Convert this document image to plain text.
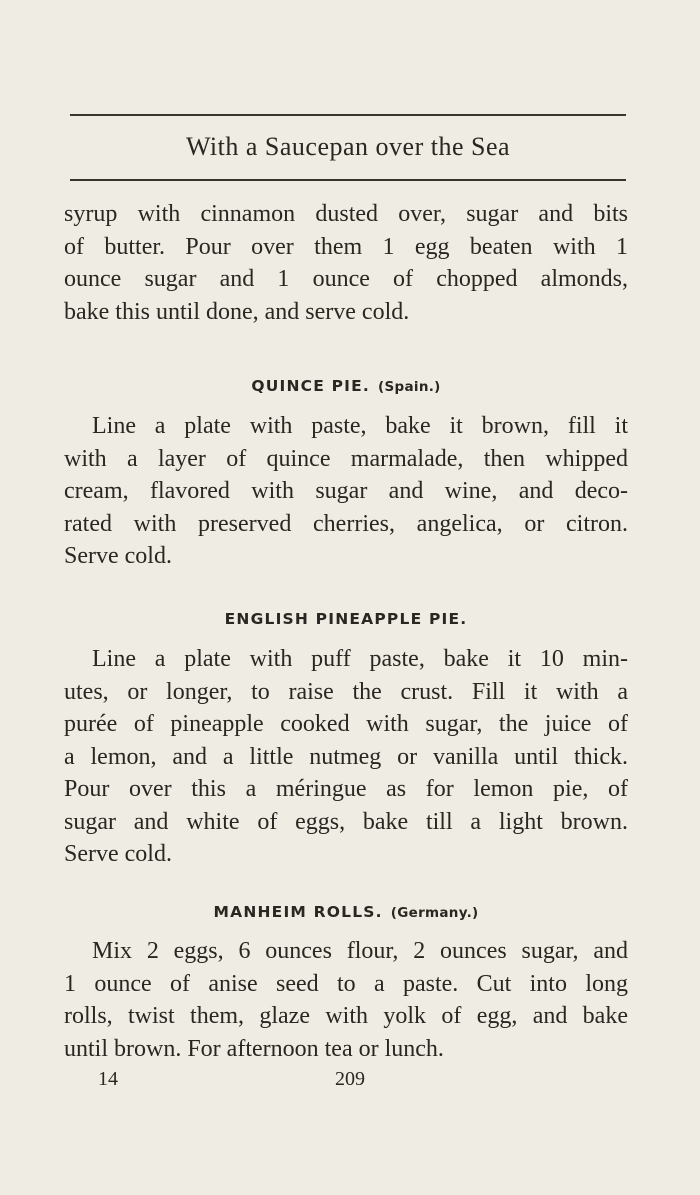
With a Saucepan over the Sea
syrup with cinnamon dusted over, sugar and bits
of butter. Pour over them 1 egg beaten with 1
ounce sugar and 1 ounce of chopped almonds,
bake this until done, and serve cold.
QUINCE PIE. (Spain.)
Line a plate with paste, bake it brown, fill it
with a layer of quince marmalade, then whipped
cream, flavored with sugar and wine, and deco-
rated with preserved cherries, angelica, or citron.
Serve cold.
ENGLISH PINEAPPLE PIE.
Line a plate with puff paste, bake it 10 min-
utes, or longer, to raise the crust. Fill it with a
purée of pineapple cooked with sugar, the juice of
a lemon, and a little nutmeg or vanilla until thick.
Pour over this a méringue as for lemon pie, of
sugar and white of eggs, bake till a light brown.
Serve cold.
MANHEIM ROLLS. (Germany.)
Mix 2 eggs, 6 ounces flour, 2 ounces sugar, and
1 ounce of anise seed to a paste. Cut into long
rolls, twist them, glaze with yolk of egg, and bake
until brown. For afternoon tea or lunch.
14	209
